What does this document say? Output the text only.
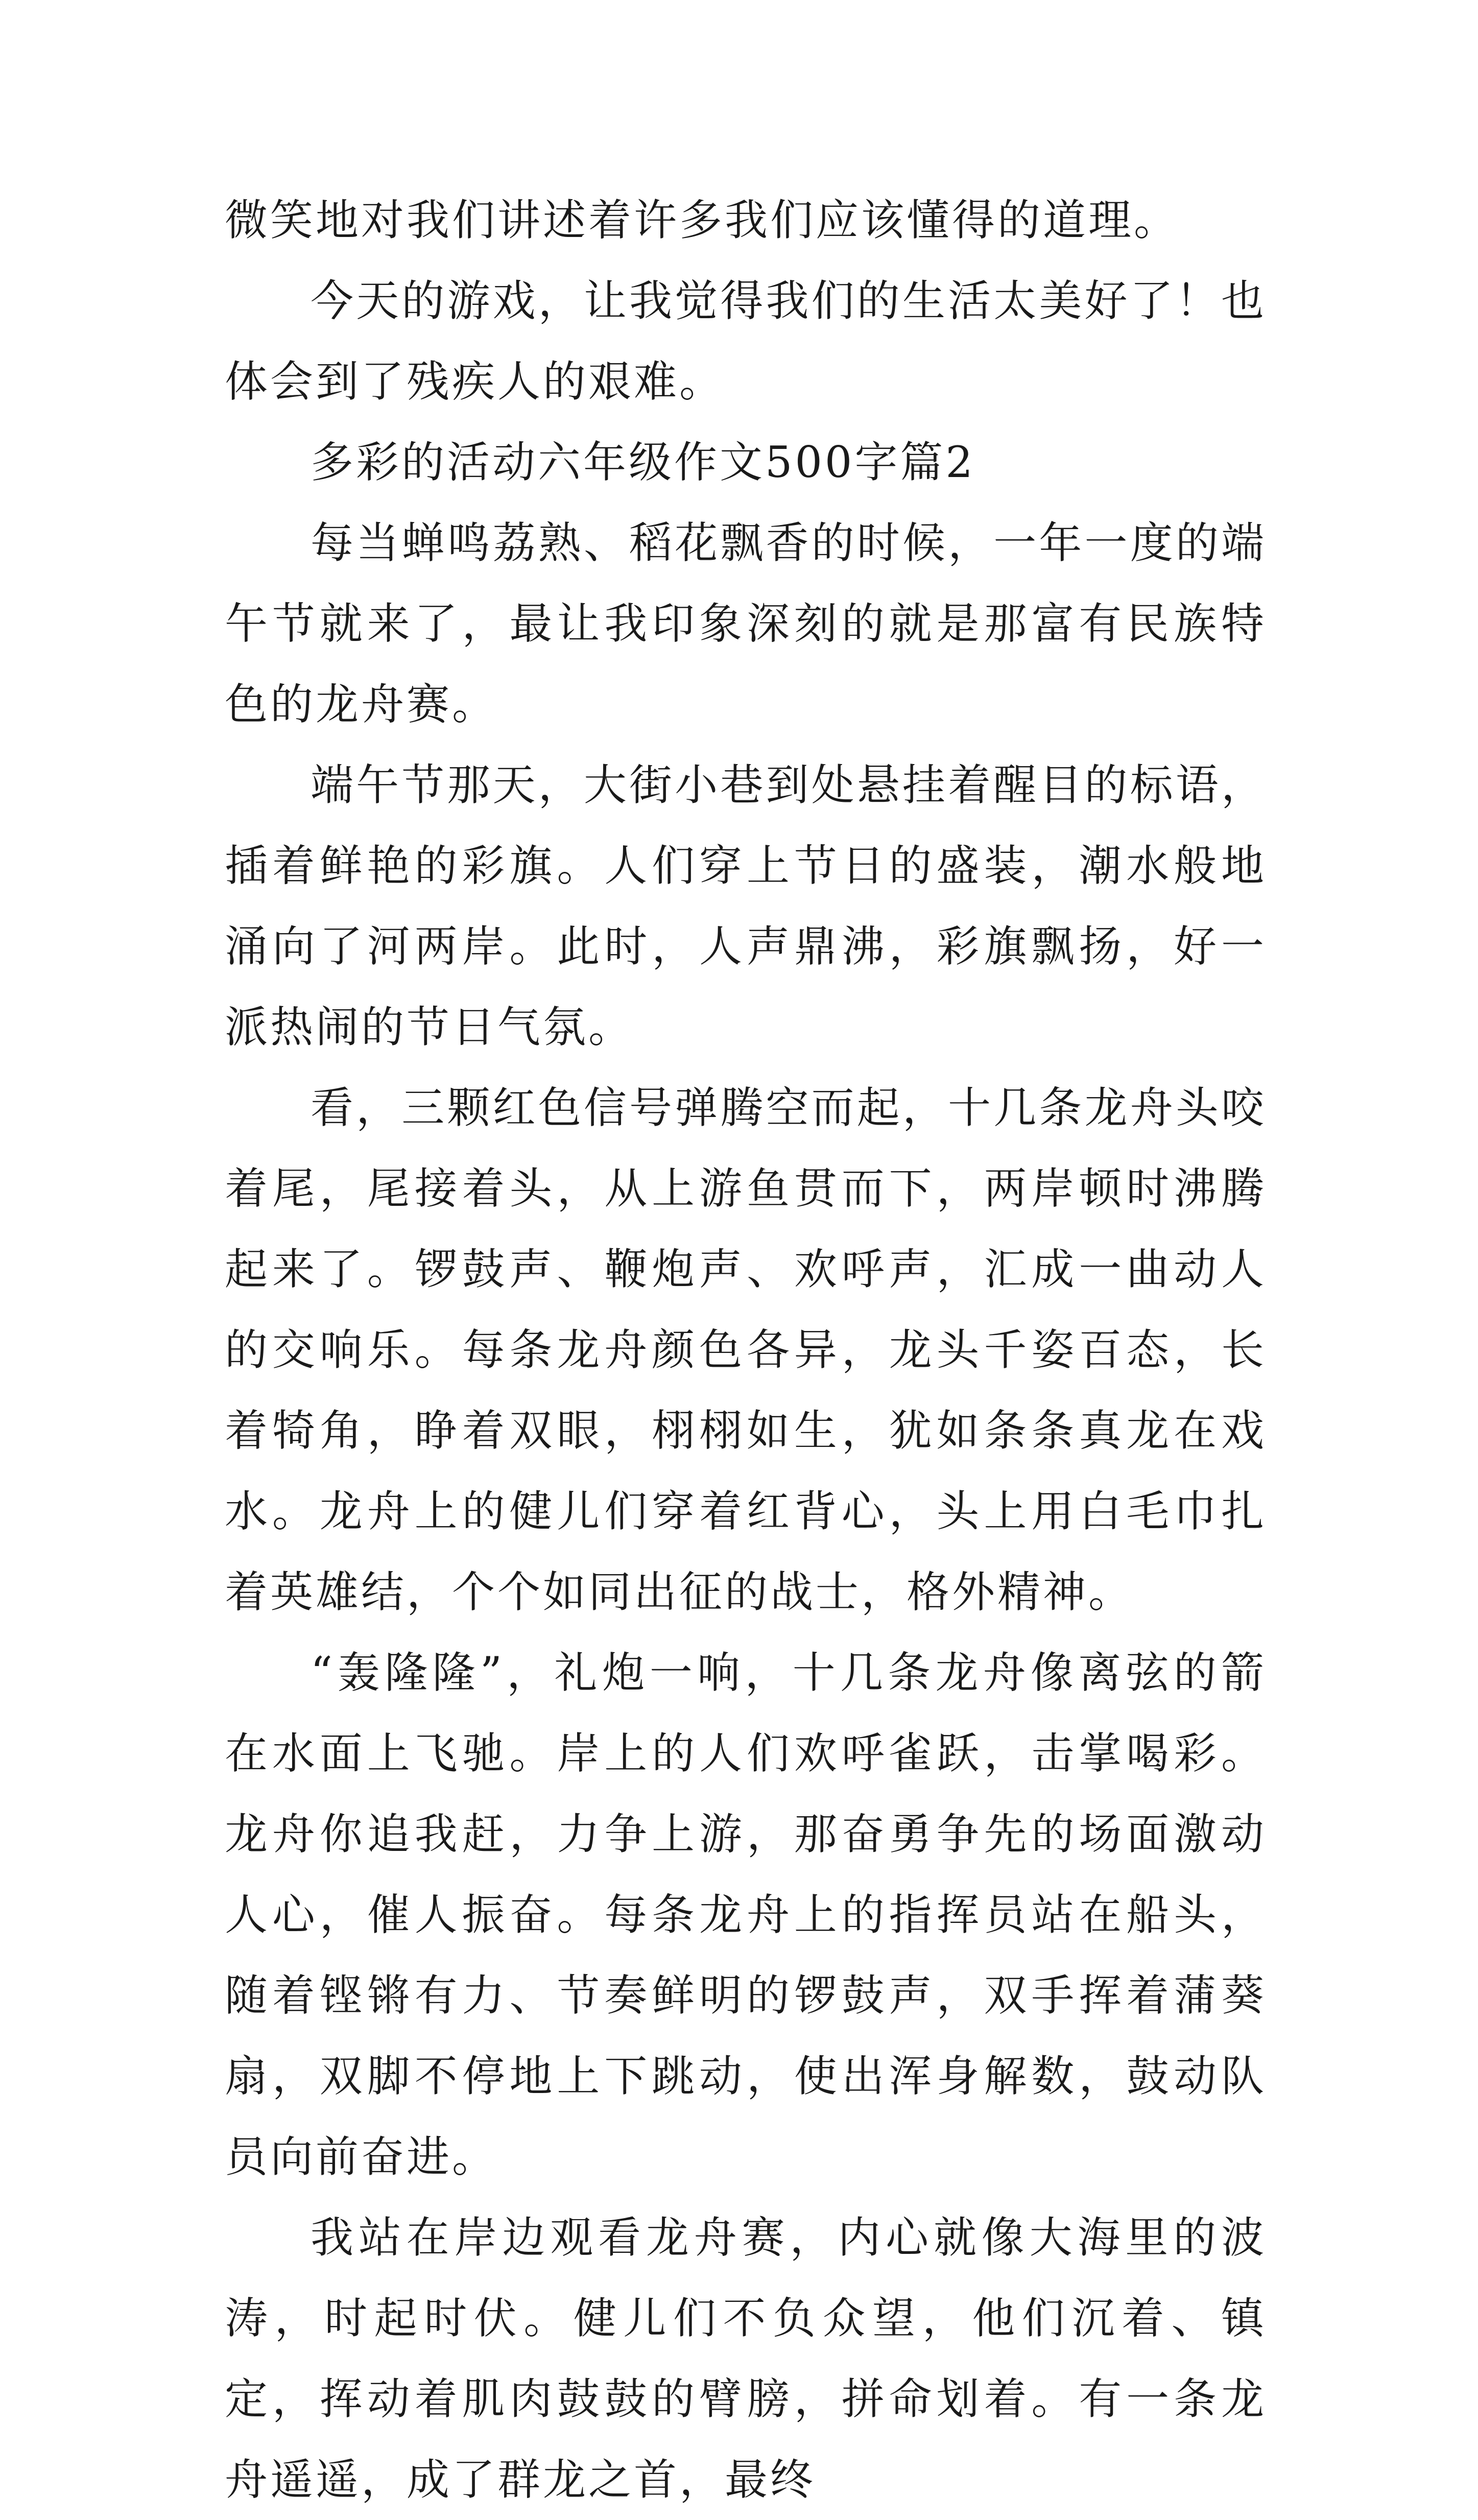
微笑地对我们讲述着许多我们应该懂得的道理。

今天的游戏，让我觉得我们的生活太美好了！也体会到了残疾人的艰难。

多彩的活动六年级作文500字篇2

每当蝉鸣荔熟、稻花飘香的时候，一年一度的端午节就来了，最让我印象深刻的就是那富有民族特色的龙舟赛。

端午节那天，大街小巷到处悬挂着醒目的标语，插着鲜艳的彩旗。人们穿上节日的盛装，潮水般地涌向了河两岸。此时，人声鼎沸，彩旗飘扬，好一派热闹的节日气氛。

看，三颗红色信号弹腾空而起，十几条龙舟头咬着尾，尾接着头，从上游鱼贯而下，两岸顿时沸腾起来了。锣鼓声、鞭炮声、欢呼声，汇成一曲动人的交响乐。每条龙舟颜色各异，龙头千姿百态，长着犄角，睁着双眼，栩栩如生，犹如条条真龙在戏水。龙舟上的健儿们穿着红背心，头上用白毛巾扎着英雄结，个个如同出征的战士，格外精神。

“轰隆隆”，礼炮一响，十几条龙舟像离弦的箭在水面上飞驰。岸上的人们欢呼雀跃，击掌喝彩。龙舟你追我赶，力争上游，那奋勇争先的场面激动人心，催人振奋。每条龙舟上的指挥员站在船头，随着铿锵有力、节奏鲜明的锣鼓声，双手挥着蒲葵扇，双脚不停地上下跳动，使出浑身解数，鼓动队员向前奋进。

我站在岸边观看龙舟赛，内心就像大海里的波涛，时起时伏。健儿们不负众望，他们沉着、镇定，挥动着肌肉鼓鼓的臂膀，拼命划着。有一条龙舟遥遥，成了群龙之首，最终
